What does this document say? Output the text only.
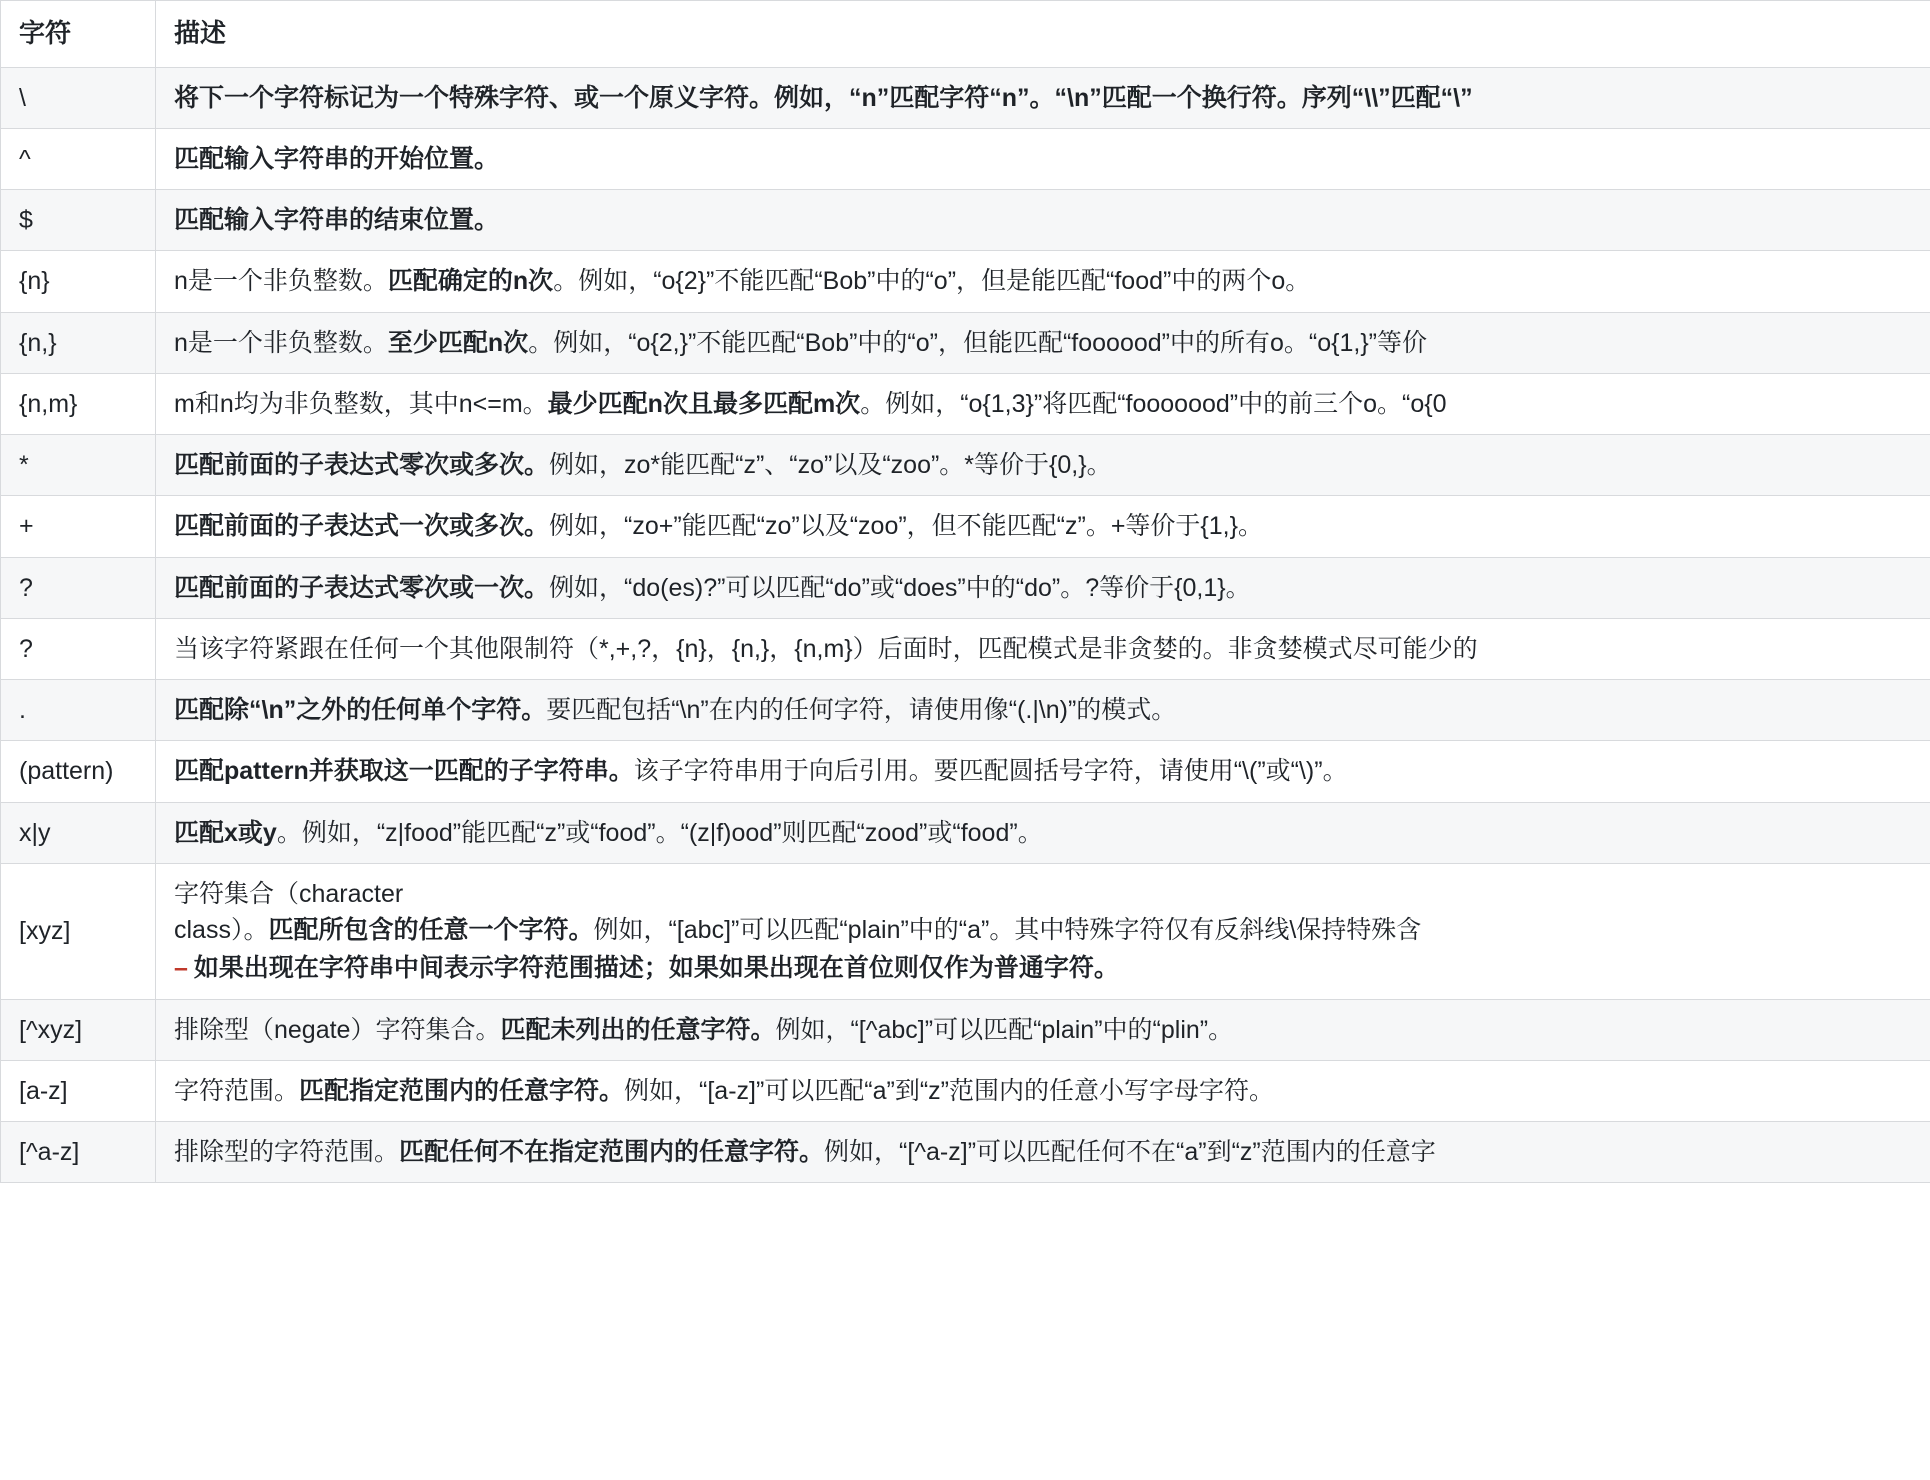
字符	描述
\	将下一个字符标记为一个特殊字符、或一个原义字符。例如，“n”匹配字符“n”。“\n”匹配一个换行符。序列“\\”匹配“\”
^	匹配输入字符串的开始位置。
$	匹配输入字符串的结束位置。
{n}	n是一个非负整数。匹配确定的n次。例如，“o{2}”不能匹配“Bob”中的“o”，但是能匹配“food”中的两个o。
{n,}	n是一个非负整数。至少匹配n次。例如，“o{2,}”不能匹配“Bob”中的“o”，但能匹配“foooood”中的所有o。“o{1,}”等价
{n,m}	m和n均为非负整数，其中n<=m。最少匹配n次且最多匹配m次。例如，“o{1,3}”将匹配“fooooood”中的前三个o。“o{0
*	匹配前面的子表达式零次或多次。例如，zo*能匹配“z”、“zo”以及“zoo”。*等价于{0,}。
+	匹配前面的子表达式一次或多次。例如，“zo+”能匹配“zo”以及“zoo”，但不能匹配“z”。+等价于{1,}。
?	匹配前面的子表达式零次或一次。例如，“do(es)?”可以匹配“do”或“does”中的“do”。?等价于{0,1}。
?	当该字符紧跟在任何一个其他限制符（*,+,?，{n}，{n,}，{n,m}）后面时，匹配模式是非贪婪的。非贪婪模式尽可能少的
.	匹配除“\n”之外的任何单个字符。要匹配包括“\n”在内的任何字符，请使用像“(.|\n)”的模式。
(pattern)	匹配pattern并获取这一匹配的子字符串。该子字符串用于向后引用。要匹配圆括号字符，请使用“\(”或“\)”。
x|y	匹配x或y。例如，“z|food”能匹配“z”或“food”。“(z|f)ood”则匹配“zood”或“food”。
[xyz]	字符集合（character
class）。匹配所包含的任意一个字符。例如，“[abc]”可以匹配“plain”中的“a”。其中特殊字符仅有反斜线\保持特殊含
– 如果出现在字符串中间表示字符范围描述；如果如果出现在首位则仅作为普通字符。

[^xyz]	排除型（negate）字符集合。匹配未列出的任意字符。例如，“[^abc]”可以匹配“plain”中的“plin”。
[a-z]	字符范围。匹配指定范围内的任意字符。例如，“[a-z]”可以匹配“a”到“z”范围内的任意小写字母字符。
[^a-z]	排除型的字符范围。匹配任何不在指定范围内的任意字符。例如，“[^a-z]”可以匹配任何不在“a”到“z”范围内的任意字
